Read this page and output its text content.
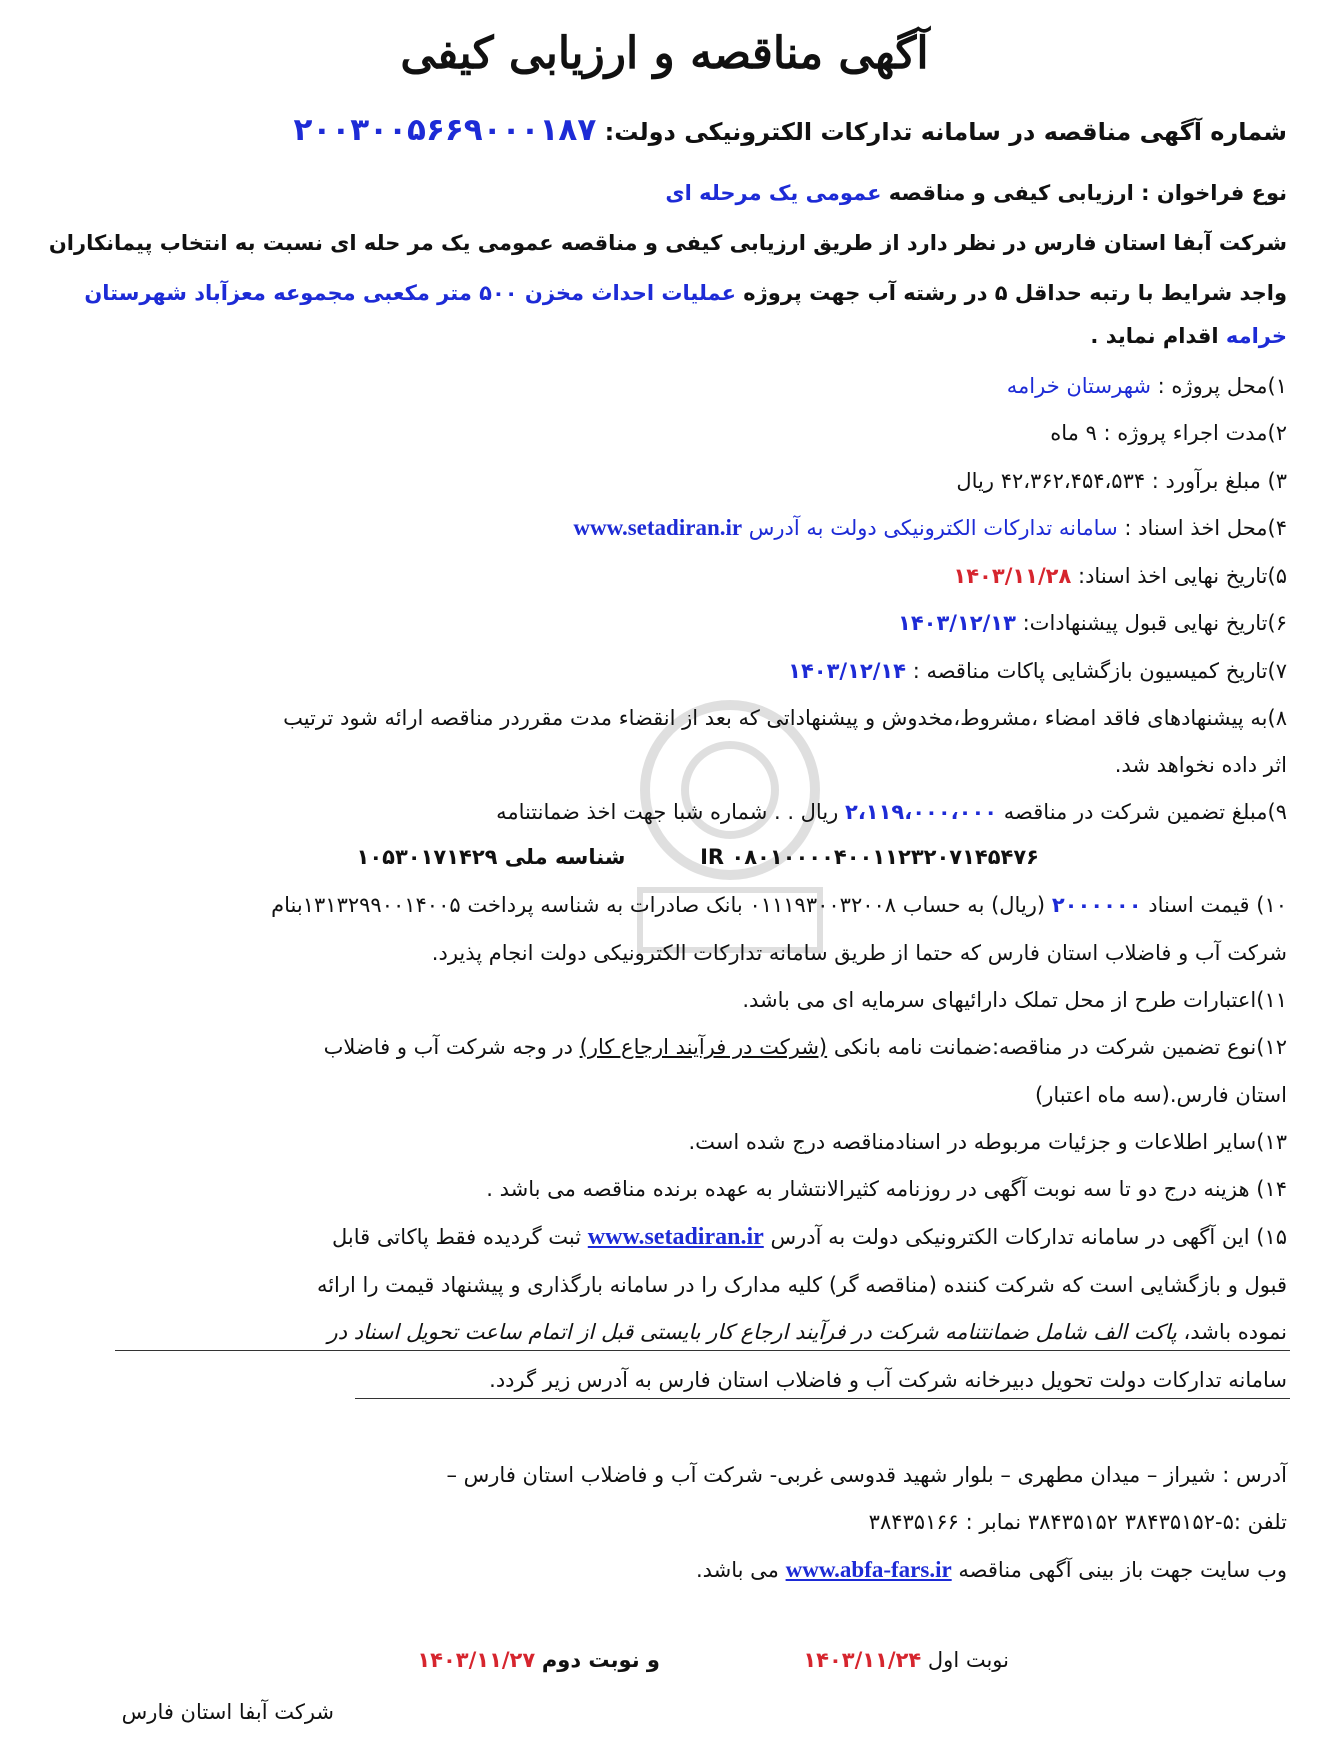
آگهی مناقصه و ارزیابی کیفی
شماره آگهی مناقصه در سامانه تدارکات الکترونیکی دولت: ۲۰۰۳۰۰۵۶۶۹۰۰۰۱۸۷
نوع فراخوان : ارزیابی کیفی و مناقصه عمومی یک مرحله ای
شرکت آبفا استان فارس در نظر دارد از طریق ارزیابی کیفی و مناقصه عمومی یک مر حله ای نسبت به انتخاب پیمانکاران
واجد شرایط با رتبه حداقل ۵ در رشته آب جهت پروژه عملیات احداث مخزن ۵۰۰ متر مکعبی مجموعه معزآباد شهرستان
خرامه اقدام نماید .
۱)محل پروژه : شهرستان خرامه
۲)مدت اجراء پروژه : ۹ ماه
۳) مبلغ برآورد : ۴۲،۳۶۲،۴۵۴،۵۳۴ ریال
۴)محل اخذ اسناد : سامانه تدارکات الکترونیکی دولت به آدرس www.setadiran.ir
۵)تاریخ نهایی اخذ اسناد: ۱۴۰۳/۱۱/۲۸
۶)تاریخ نهایی قبول پیشنهادات: ۱۴۰۳/۱۲/۱۳
۷)تاریخ کمیسیون بازگشایی پاکات مناقصه : ۱۴۰۳/۱۲/۱۴
۸)به پیشنهادهای فاقد امضاء ،مشروط،مخدوش و پیشنهاداتی که بعد از انقضاء مدت مقرردر مناقصه ارائه شود ترتیب
اثر داده نخواهد شد.
۹)مبلغ تضمین شرکت در مناقصه ۲،۱۱۹،۰۰۰،۰۰۰ ریال . . شماره شبا جهت اخذ ضمانتنامه
IR ۰۸۰۱۰۰۰۰۴۰۰۱۱۲۳۲۰۷۱۴۵۴۷۶  شناسه ملی ۱۰۵۳۰۱۷۱۴۲۹
۱۰) قیمت اسناد ۲۰۰۰۰۰۰ (ریال) به حساب ۰۱۱۱۹۳۰۰۳۲۰۰۸ بانک صادرات به شناسه پرداخت ۱۳۱۳۲۹۹۰۰۱۴۰۰۵بنام
شرکت آب و فاضلاب استان فارس که حتما از طریق سامانه تدارکات الکترونیکی دولت انجام پذیرد.
۱۱)اعتبارات طرح از محل تملک دارائیهای سرمایه ای می باشد.
۱۲)نوع تضمین شرکت در مناقصه:ضمانت نامه بانکی (شرکت در فرآیند ارجاع کار) در وجه شرکت آب و فاضلاب
استان فارس.(سه ماه اعتبار)
۱۳)سایر اطلاعات و جزئیات مربوطه در اسنادمناقصه درج شده است.
۱۴) هزینه درج دو تا سه نوبت آگهی در روزنامه کثیرالانتشار به عهده برنده مناقصه می باشد .
۱۵) این آگهی در سامانه تدارکات الکترونیکی دولت به آدرس www.setadiran.ir ثبت گردیده فقط پاکاتی قابل
قبول و بازگشایی است که شرکت کننده (مناقصه گر) کلیه مدارک را در سامانه بارگذاری و پیشنهاد قیمت را ارائه
نموده باشد، پاکت الف شامل ضمانتنامه شرکت در فرآیند ارجاع کار بایستی قبل از اتمام ساعت تحویل اسناد در
سامانه تدارکات دولت تحویل دبیرخانه شرکت آب و فاضلاب استان فارس به آدرس زیر گردد.
آدرس : شیراز – میدان مطهری – بلوار شهید قدوسی غربی- شرکت آب و فاضلاب استان فارس –
تلفن :۵-۳۸۴۳۵۱۵۲ ۳۸۴۳۵۱۵۲ نمابر : ۳۸۴۳۵۱۶۶
وب سایت جهت باز بینی آگهی مناقصه www.abfa-fars.ir می باشد.
نوبت اول ۱۴۰۳/۱۱/۲۴  و نوبت دوم ۱۴۰۳/۱۱/۲۷
شرکت آبفا استان فارس
